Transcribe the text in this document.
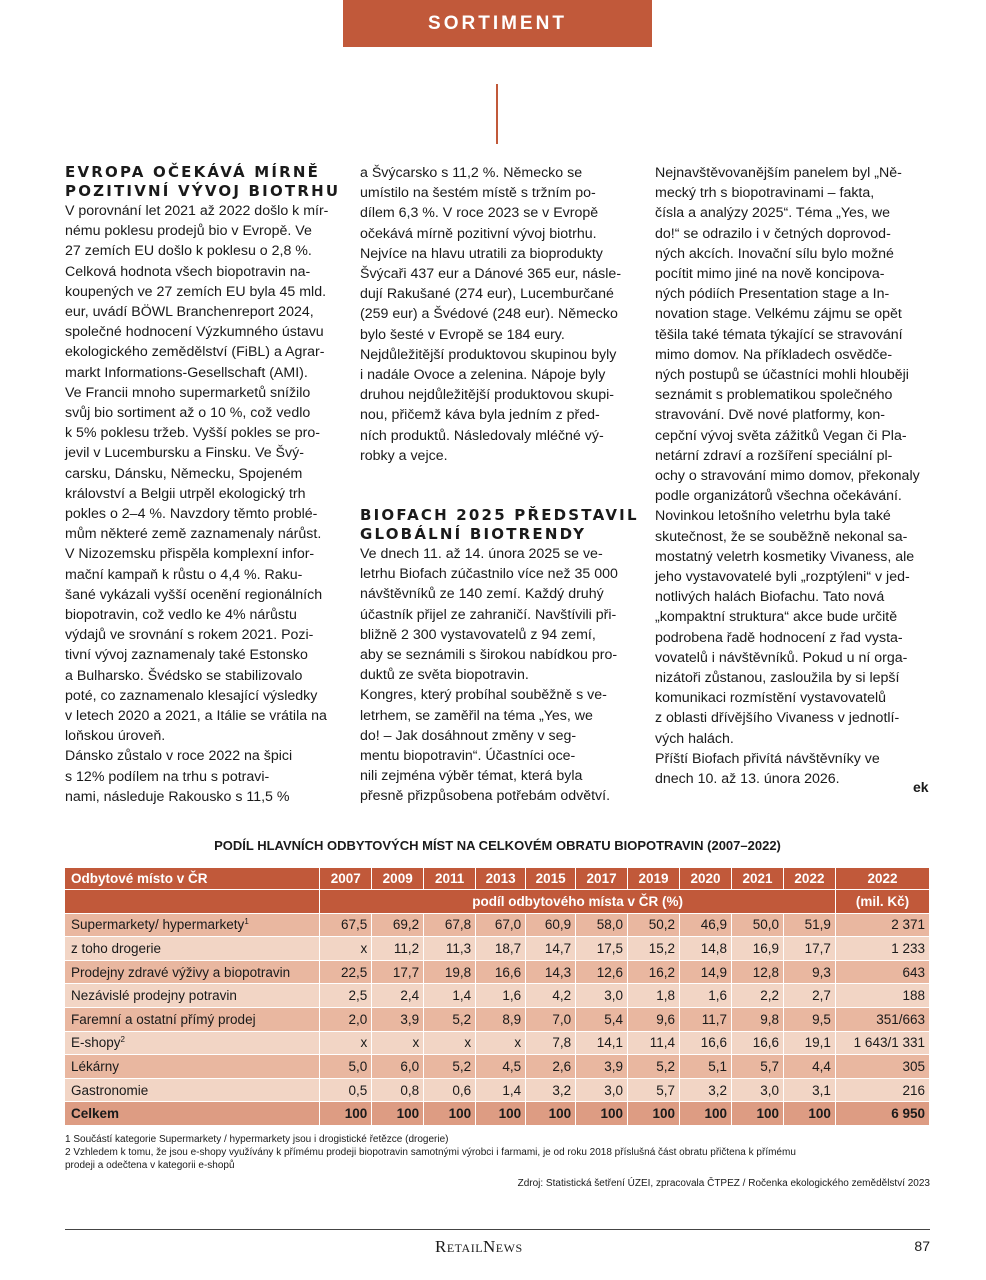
SORTIMENT
EVROPA OČEKÁVÁ MÍRNĚ
POZITIVNÍ VÝVOJ BIOTRHU
V porovnání let 2021 až 2022 došlo k mír-
nému poklesu prodejů bio v Evropě. Ve
27 zemích EU došlo k poklesu o 2,8 %.
Celková hodnota všech biopotravin na-
koupených ve 27 zemích EU byla 45 mld.
eur, uvádí BÖWL Branchenreport 2024,
společné hodnocení Výzkumného ústavu
ekologického zemědělství (FiBL) a Agrar-
markt Informations-Gesellschaft (AMI).
Ve Francii mnoho supermarketů snížilo
svůj bio sortiment až o 10 %, což vedlo
k 5% poklesu tržeb. Vyšší pokles se pro-
jevil v Lucembursku a Finsku. Ve Švý-
carsku, Dánsku, Německu, Spojeném
království a Belgii utrpěl ekologický trh
pokles o 2–4 %. Navzdory těmto problé-
mům některé země zaznamenaly nárůst.
V Nizozemsku přispěla komplexní infor-
mační kampaň k růstu o 4,4 %. Raku-
šané vykázali vyšší ocenění regionálních
biopotravin, což vedlo ke 4% nárůstu
výdajů ve srovnání s rokem 2021. Pozi-
tivní vývoj zaznamenaly také Estonsko
a Bulharsko. Švédsko se stabilizovalo
poté, co zaznamenalo klesající výsledky
v letech 2020 a 2021, a Itálie se vrátila na
loňskou úroveň.
Dánsko zůstalo v roce 2022 na špici
s 12% podílem na trhu s potravi-
nami, následuje Rakousko s 11,5 %
a Švýcarsko s 11,2 %. Německo se
umístilo na šestém místě s tržním po-
dílem 6,3 %. V roce 2023 se v Evropě
očekává mírně pozitivní vývoj biotrhu.
Nejvíce na hlavu utratili za bioprodukty
Švýcaři 437 eur a Dánové 365 eur, násle-
dují Rakušané (274 eur), Lucemburčané
(259 eur) a Švédové (248 eur). Německo
bylo šesté v Evropě se 184 eury.
Nejdůležitější produktovou skupinou byly
i nadále Ovoce a zelenina. Nápoje byly
druhou nejdůležitější produktovou skupi-
nou, přičemž káva byla jedním z před-
ních produktů. Následovaly mléčné vý-
robky a vejce.
BIOFACH 2025 PŘEDSTAVIL
GLOBÁLNÍ BIOTRENDY
Ve dnech 11. až 14. února 2025 se ve-
letrhu Biofach zúčastnilo více než 35 000
návštěvníků ze 140 zemí. Každý druhý
účastník přijel ze zahraničí. Navštívili při-
bližně 2 300 vystavovatelů z 94 zemí,
aby se seznámili s širokou nabídkou pro-
duktů ze světa biopotravin.
Kongres, který probíhal souběžně s ve-
letrhem, se zaměřil na téma „Yes, we
do! – Jak dosáhnout změny v seg-
mentu biopotravin“. Účastníci oce-
nili zejména výběr témat, která byla
přesně přizpůsobena potřebám odvětví.
Nejnavštěvovanějším panelem byl „Ně-
mecký trh s biopotravinami – fakta,
čísla a analýzy 2025“. Téma „Yes, we
do!“ se odrazilo i v četných doprovod-
ných akcích. Inovační sílu bylo možné
pocítit mimo jiné na nově koncipova-
ných pódiích Presentation stage a In-
novation stage. Velkému zájmu se opět
těšila také témata týkající se stravování
mimo domov. Na příkladech osvědče-
ných postupů se účastníci mohli hlouběji
seznámit s problematikou společného
stravování. Dvě nové platformy, kon-
cepční vývoj světa zážitků Vegan či Pla-
netární zdraví a rozšíření speciální pl-
ochy o stravování mimo domov, překonaly
podle organizátorů všechna očekávání.
Novinkou letošního veletrhu byla také
skutečnost, že se souběžně nekonal sa-
mostatný veletrh kosmetiky Vivaness, ale
jeho vystavovatelé byli „rozptýleni“ v jed-
notlivých halách Biofachu. Tato nová
„kompaktní struktura“ akce bude určitě
podrobena řadě hodnocení z řad vysta-
vovatelů i návštěvníků. Pokud u ní orga-
nizátoři zůstanou, zasloužila by si lepší
komunikaci rozmístění vystavovatelů
z oblasti dřívějšího Vivaness v jednotlí-
vých halách.
Příští Biofach přivítá návštěvníky ve
dnech 10. až 13. února 2026.	ek
PODÍL HLAVNÍCH ODBYTOVÝCH MÍST NA CELKOVÉM OBRATU BIOPOTRAVIN (2007–2022)
Odbytové místo v ČR	2007	2009	2011	2013	2015	2017	2019	2020	2021	2022	2022
	podíl odbytového místa v ČR (%)										(mil. Kč)
Supermarkety/ hypermarkety$^1$	67,5	69,2	67,8	67,0	60,9	58,0	50,2	46,9	50,0	51,9	2 371
z toho drogerie	x	11,2	11,3	18,7	14,7	17,5	15,2	14,8	16,9	17,7	1 233
Prodejny zdravé výživy a biopotravin	22,5	17,7	19,8	16,6	14,3	12,6	16,2	14,9	12,8	9,3	643
Nezávislé prodejny potravin	2,5	2,4	1,4	1,6	4,2	3,0	1,8	1,6	2,2	2,7	188
Faremní a ostatní přímý prodej	2,0	3,9	5,2	8,9	7,0	5,4	9,6	11,7	9,8	9,5	351/663
E-shopy$^2$	x	x	x	x	7,8	14,1	11,4	16,6	16,6	19,1	1 643/1 331
Lékárny	5,0	6,0	5,2	4,5	2,6	3,9	5,2	5,1	5,7	4,4	305
Gastronomie	0,5	0,8	0,6	1,4	3,2	3,0	5,7	3,2	3,0	3,1	216
Celkem	100	100	100	100	100	100	100	100	100	100	6 950
1 Součástí kategorie Supermarkety / hypermarkety jsou i drogistické řetězce (drogerie)
2 Vzhledem k tomu, že jsou e-shopy využívány k přímému prodeji biopotravin samotnými výrobci i farmami, je od roku 2018 příslušná část obratu přičtena k přímému
prodeji a odečtena v kategorii e-shopů
Zdroj: Statistická šetření ÚZEI, zpracovala ČTPEZ / Ročenka ekologického zemědělství 2023
RetailNews	87
